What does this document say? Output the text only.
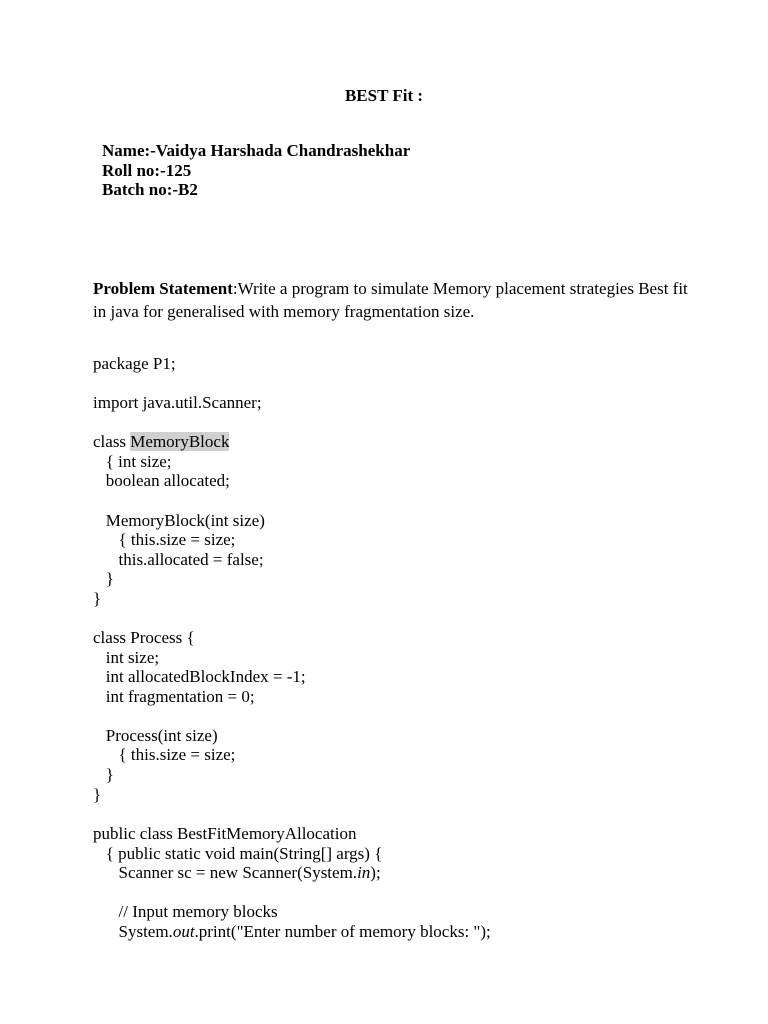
BEST Fit :
Name:-Vaidya Harshada Chandrashekhar
Roll no:-125
Batch no:-B2

Problem Statement:Write a program to simulate Memory placement strategies Best fit in java for generalised with memory fragmentation size.

package P1;
import java.util.Scanner;
class MemoryBlock
{ int size;
boolean allocated;
MemoryBlock(int size)
{ this.size = size;
this.allocated = false;
}
}
class Process {
int size;
int allocatedBlockIndex = -1;
int fragmentation = 0;
Process(int size)
{ this.size = size;
}
}
public class BestFitMemoryAllocation
{ public static void main(String[] args) {
Scanner sc = new Scanner(System.in);
// Input memory blocks
System.out.print("Enter number of memory blocks: ");
